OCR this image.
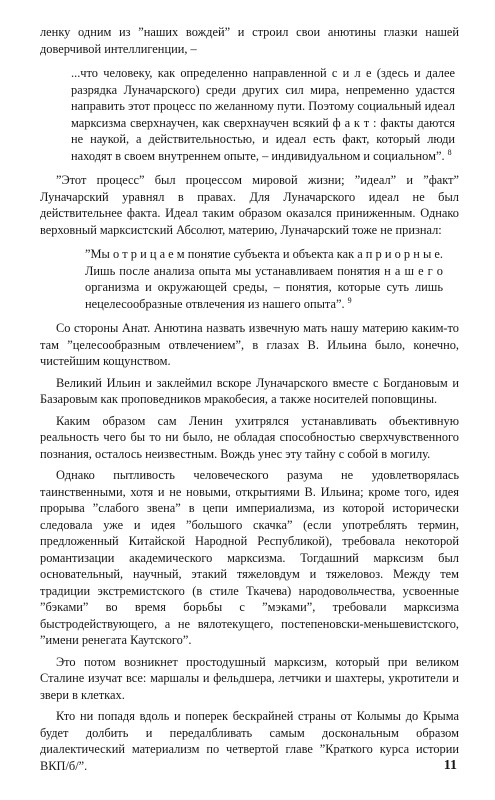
ленку одним из ”наших вождей” и строил свои анютины глазки нашей доверчивой интеллигенции, –

...что человеку, как определенно направленной с и л е (здесь и далее разрядка Луначарского) среди других сил мира, непременно удастся направить этот процесс по желанному пути. Поэтому социальный идеал марксизма сверхнаучен, как сверхнаучен всякий ф а к т : факты даются не наукой, а действительностью, и идеал есть факт, который люди находят в своем внутреннем опыте, – индивидуальном и социальном”. $^8$

”Этот процесс” был процессом мировой жизни; ”идеал” и ”факт” Луначарский уравнял в правах. Для Луначарского идеал не был действительнее факта. Идеал таким образом оказался приниженным. Однако верховный марксистский Абсолют, материю, Луначарский тоже не признал:

”Мы о т р и ц а е м понятие субъекта и объекта как а п р и о р н ы е. Лишь после анализа опыта мы устанавливаем понятия н а ш е г о организма и окружающей среды, – понятия, которые суть лишь нецелесообразные отвлечения из нашего опыта”. $^9$

Со стороны Анат. Анютина назвать извечную мать нашу материю каким-то там ”целесообразным отвлечением”, в глазах В. Ильина было, конечно, чистейшим кощунством.

Великий Ильин и заклеймил вскоре Луначарского вместе с Богдановым и Базаровым как проповедников мракобесия, а также носителей поповщины.

Каким образом сам Ленин ухитрялся устанавливать объективную реальность чего бы то ни было, не обладая способностью сверхчувственного познания, осталось неизвестным. Вождь унес эту тайну с собой в могилу.

Однако пытливость человеческого разума не удовлетворялась таинственными, хотя и не новыми, открытиями В. Ильина; кроме того, идея прорыва ”слабого звена” в цепи империализма, из которой исторически следовала уже и идея ”большого скачка” (если употреблять термин, предложенный Китайской Народной Республикой), требовала некоторой романтизации академического марксизма. Тогдашний марксизм был основательный, научный, этакий тяжеловдум и тяжеловоз. Между тем традиции экстремистского (в стиле Ткачева) народовольчества, усвоенные ”бэками” во время борьбы с ”мэками”, требовали марксизма быстродействующего, а не вялотекущего, постепеновски-меньшевистского, ”имени ренегата Каутского”.

Это потом возникнет простодушный марксизм, который при великом Сталине изучат все: маршалы и фельдшера, летчики и шахтеры, укротители и звери в клетках.

Кто ни попадя вдоль и поперек бескрайней страны от Колымы до Крыма будет долбить и передалбливать самым доскональным образом диалектический материализм по четвертой главе ”Краткого курса истории ВКП/б/”.	11
